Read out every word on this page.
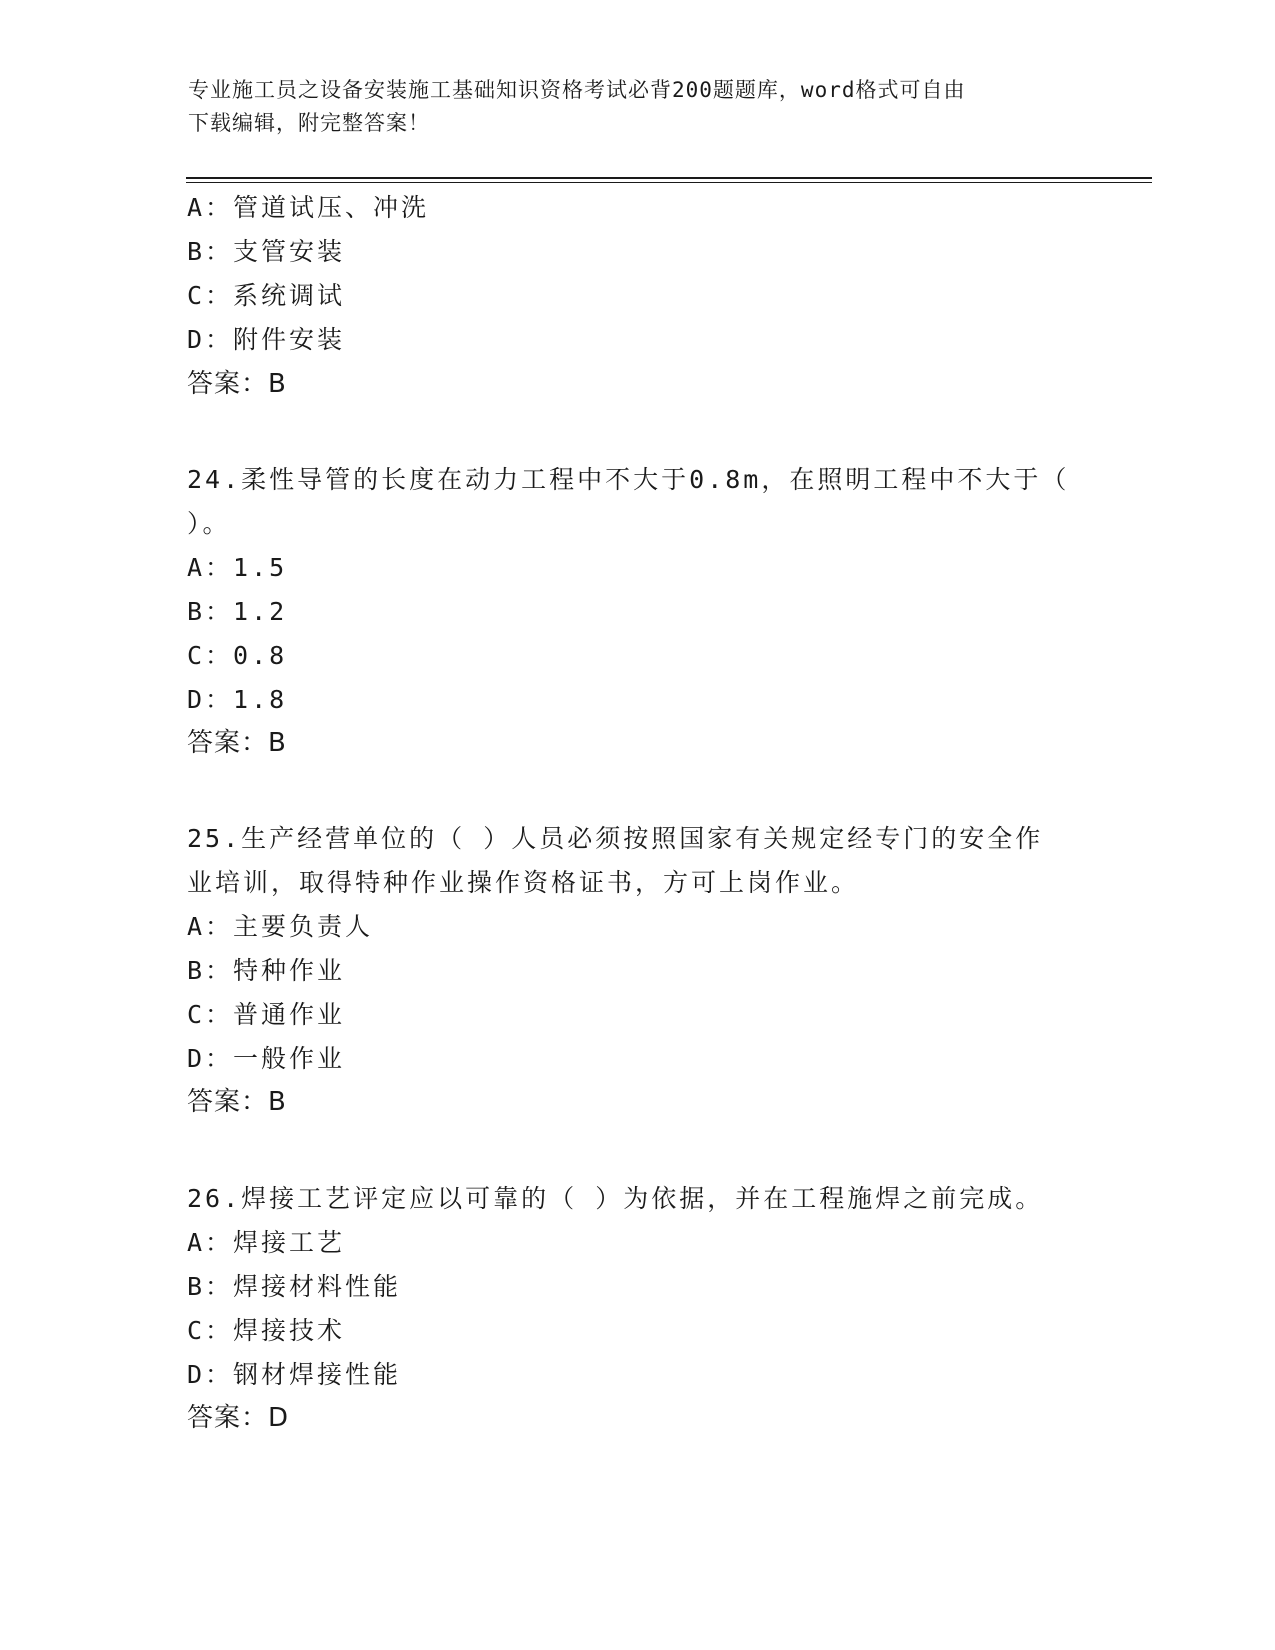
专业施工员之设备安装施工基础知识资格考试必背200题题库，word格式可自由
下载编辑，附完整答案！
A：管道试压、冲洗
B：支管安装
C：系统调试
D：附件安装
答案：B
24.柔性导管的长度在动力工程中不大于0.8m，在照明工程中不大于（
）。
A：1.5
B：1.2
C：0.8
D：1.8
答案：B
25.生产经营单位的（ ）人员必须按照国家有关规定经专门的安全作
业培训，取得特种作业操作资格证书，方可上岗作业。
A：主要负责人
B：特种作业
C：普通作业
D：一般作业
答案：B
26.焊接工艺评定应以可靠的（ ）为依据，并在工程施焊之前完成。
A：焊接工艺
B：焊接材料性能
C：焊接技术
D：钢材焊接性能
答案：D
